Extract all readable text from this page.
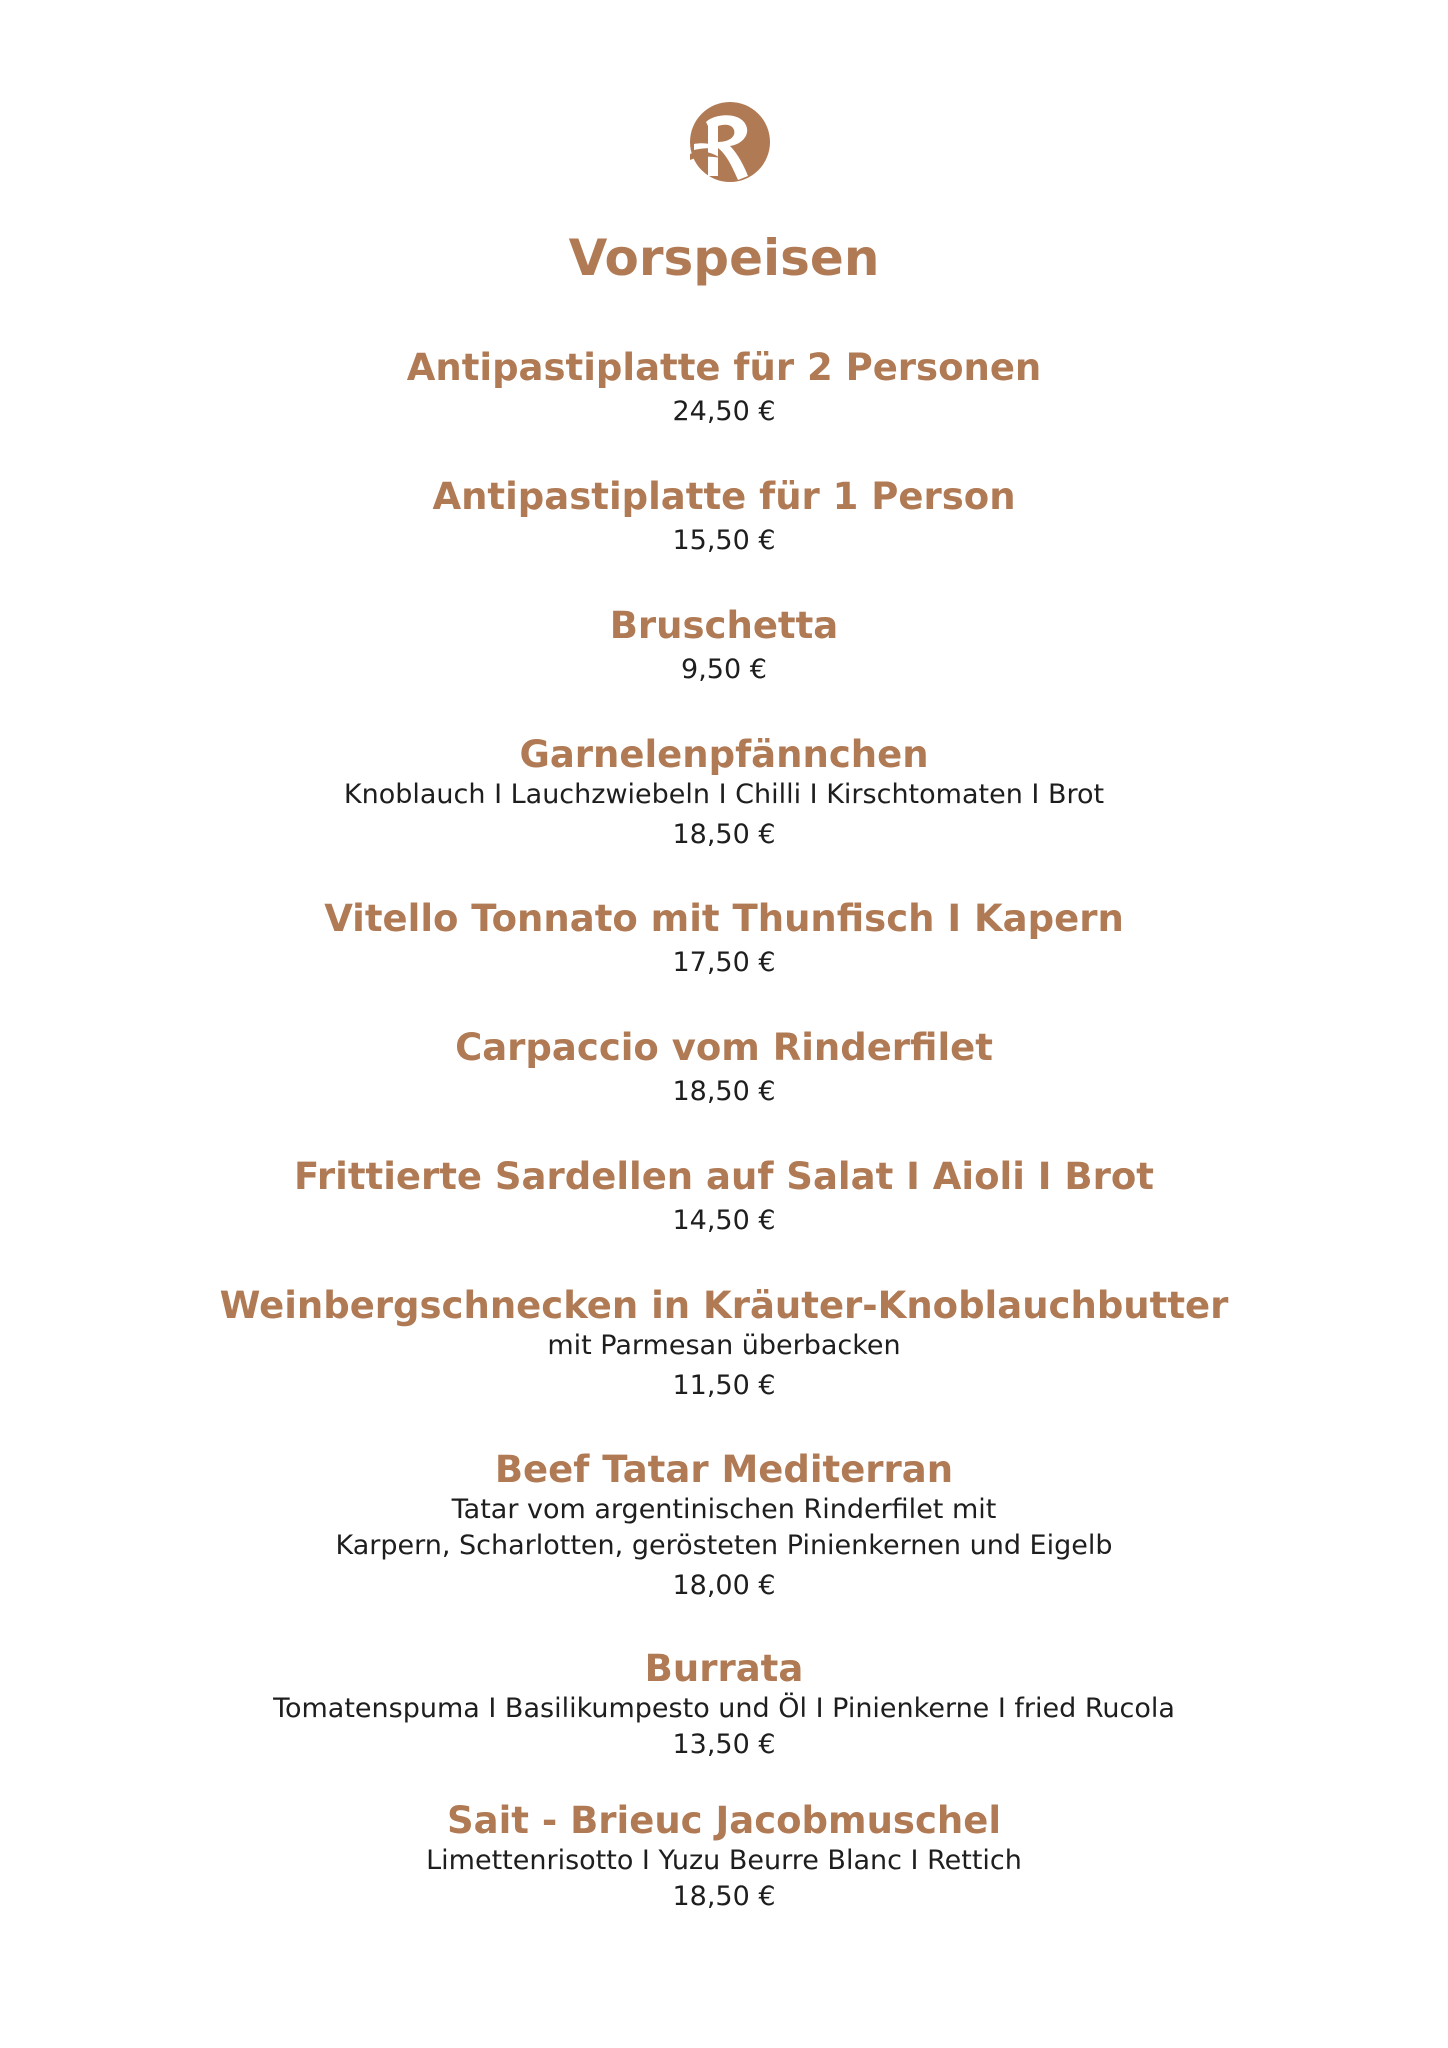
Vorspeisen
Antipastiplatte für 2 Personen
24,50 €
Antipastiplatte für 1 Person
15,50 €
Bruschetta
9,50 €
Garnelenpfännchen
Knoblauch I Lauchzwiebeln I Chilli I Kirschtomaten I Brot
18,50 €
Vitello Tonnato mit Thunfisch I Kapern
17,50 €
Carpaccio vom Rinderfilet
18,50 €
Frittierte Sardellen auf Salat I Aioli I Brot
14,50 €
Weinbergschnecken in Kräuter-Knoblauchbutter
mit Parmesan überbacken
11,50 €
Beef Tatar Mediterran
Tatar vom argentinischen Rinderfilet mit
Karpern, Scharlotten, gerösteten Pinienkernen und Eigelb
18,00 €
Burrata
Tomatenspuma I Basilikumpesto und Öl I Pinienkerne I fried Rucola
13,50 €
Sait - Brieuc Jacobmuschel
Limettenrisotto I Yuzu Beurre Blanc I Rettich
18,50 €
